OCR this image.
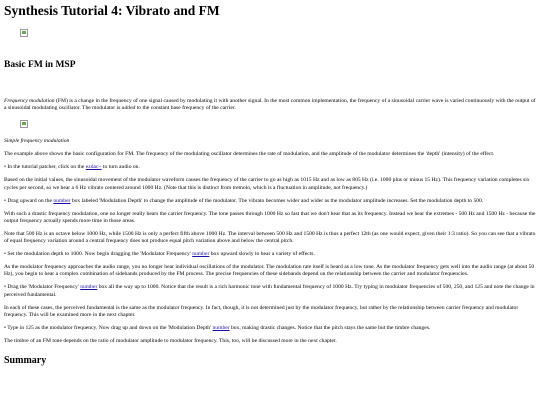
Synthesis Tutorial 4: Vibrato and FM
Basic FM in MSP

Frequency modulation (FM) is a change in the frequency of one signal caused by modulating it with another signal. In the most common implementation, the frequency of a sinusoidal carrier wave is varied continuously with the output of a sinusoidal modulating oscillator. The modulator is added to the constant base frequency of the carrier.

Simple frequency modulation

The example above shows the basic configuration for FM. The frequency of the modulating oscillator determines the rate of modulation, and the amplitude of the modulator determines the 'depth' (intensity) of the effect.

• In the tutorial patcher, click on the ezdac~ to turn audio on.

Based on the initial values, the sinusoidal movement of the modulator waveform causes the frequency of the carrier to go as high as 1015 Hz and as low as 805 Hz (i.e. 1000 plus or minus 15 Hz). This frequency variation completes six cycles per second, so we hear a 6 Hz vibrato centered around 1000 Hz. (Note that this is distinct from tremolo, which is a fluctuation in amplitude, not frequency.)

• Drag upward on the number box labeled 'Modulation Depth' to change the amplitude of the modulator. The vibrato becomes wider and wider as the modulator amplitude increases. Set the modulation depth to 500.

With such a drastic frequency modulation, one no longer really hears the carrier frequency. The tone passes through 1000 Hz so fast that we don't hear that as its frequency. Instead we hear the extremes - 500 Hz and 1500 Hz - because the output frequency actually spends more time in those areas.

Note that 500 Hz is an octave below 1000 Hz, while 1500 Hz is only a perfect fifth above 1000 Hz. The interval between 500 Hz and 1500 Hz is thus a perfect 12th (as one would expect, given their 1:3 ratio). So you can see that a vibrato of equal frequency variation around a central frequency does not produce equal pitch variation above and below the central pitch.

• Set the modulation depth to 1000. Now begin dragging the 'Modulator Frequency' number box upward slowly to hear a variety of effects.

As the modulator frequency approaches the audio range, you no longer hear individual oscillations of the modulator. The modulation rate itself is heard as a low tone. As the modulator frequency gets well into the audio range (at about 50 Hz), you begin to hear a complex combination of sidebands produced by the FM process. The precise frequencies of these sidebands depend on the relationship between the carrier and modulator frequencies.

• Drag the 'Modulator Frequency' number box all the way up to 1000. Notice that the result is a rich harmonic tone with fundamental frequency of 1000 Hz. Try typing in modulator frequencies of 500, 250, and 125 and note the change in perceived fundamental.

In each of these cases, the perceived fundamental is the same as the modulator frequency. In fact, though, it is not determined just by the modulator frequency, but rather by the relationship between carrier frequency and modulator frequency. This will be examined more in the next chapter.

• Type in 125 as the modulator frequency. Now drag up and down on the 'Modulation Depth' number box, making drastic changes. Notice that the pitch stays the same but the timbre changes.

The timbre of an FM tone depends on the ratio of modulator amplitude to modulator frequency. This, too, will be discussed more in the next chapter.

Summary
